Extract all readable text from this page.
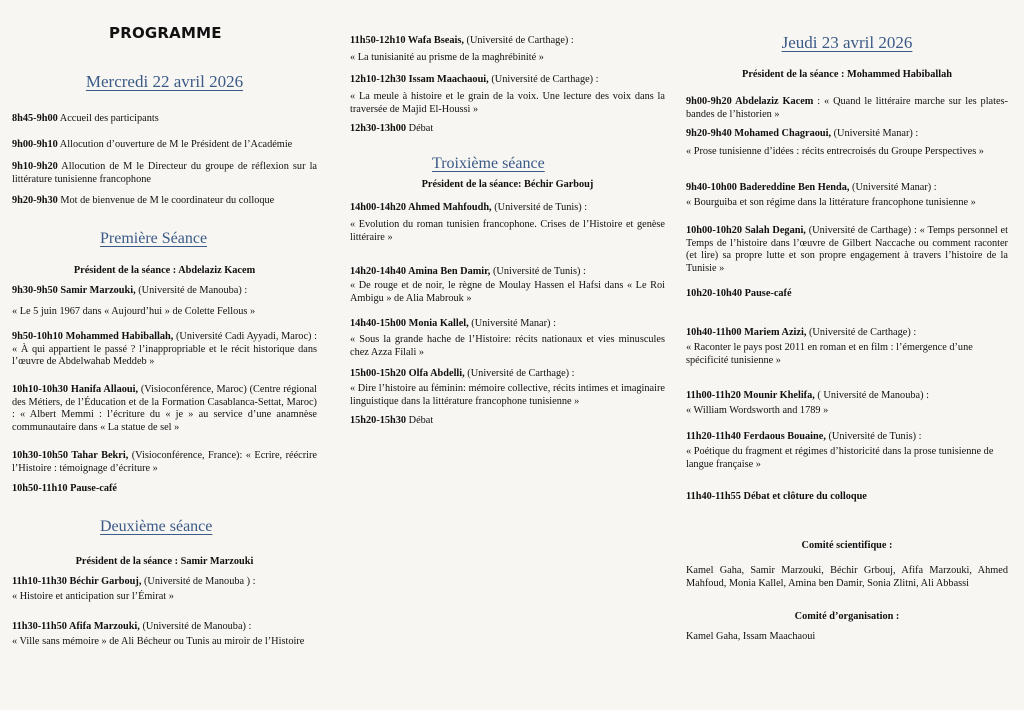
PROGRAMME
Mercredi 22 avril 2026
8h45-9h00 Accueil des participants
9h00-9h10 Allocution d’ouverture de M le Président de l’Académie
9h10-9h20 Allocution de M le Directeur du groupe de réflexion sur la littérature tunisienne francophone
9h20-9h30 Mot de bienvenue de M le coordinateur du colloque
Première Séance
Président de la séance : Abdelaziz Kacem
9h30-9h50 Samir Marzouki, (Université de Manouba) :
« Le 5 juin 1967 dans « Aujourd’hui » de Colette Fellous »
9h50-10h10 Mohammed Habiballah, (Université Cadi Ayyadi, Maroc) : « À qui appartient le passé ? l’inappropriable et le récit historique dans l’œuvre de Abdelwahab Meddeb »
10h10-10h30 Hanifa Allaoui, (Visioconférence, Maroc) (Centre régional des Métiers, de l’Éducation et de la Formation Casablanca-Settat, Maroc) : « Albert Memmi : l’écriture du « je » au service d’une anamnèse communautaire dans « La statue de sel »
10h30-10h50 Tahar Bekri, (Visioconférence, France): « Ecrire, réécrire l’Histoire : témoignage d’écriture »
10h50-11h10 Pause-café
Deuxième séance
Président de la séance : Samir Marzouki
11h10-11h30 Béchir Garbouj, (Université de Manouba ) :
« Histoire et anticipation sur l’Émirat »
11h30-11h50 Afifa Marzouki, (Université de Manouba) :
« Ville sans mémoire » de Ali Bécheur ou Tunis au miroir de l’Histoire
11h50-12h10 Wafa Bseais, (Université de Carthage) :
« La tunisianité au prisme de la maghrébinité »
12h10-12h30 Issam Maachaoui, (Université de Carthage) :
« La meule à histoire et le grain de la voix. Une lecture des voix dans la traversée de Majid El-Houssi »
12h30-13h00 Débat
Troixième séance
Président de la séance: Béchir Garbouj
14h00-14h20 Ahmed Mahfoudh, (Université de Tunis) :
« Evolution du roman tunisien francophone. Crises de l’Histoire et genèse littéraire »
14h20-14h40 Amina Ben Damir, (Université de Tunis) :
« De rouge et de noir, le règne de Moulay Hassen el Hafsi dans « Le Roi Ambigu » de Alia Mabrouk »
14h40-15h00 Monia Kallel, (Université Manar) :
« Sous la grande hache de l’Histoire: récits nationaux et vies minuscules chez Azza Filali »
15h00-15h20 Olfa Abdelli, (Université de Carthage) :
« Dire l’histoire au féminin: mémoire collective, récits intimes et imaginaire linguistique dans la littérature francophone tunisienne »
15h20-15h30 Débat
Jeudi 23 avril 2026
Président de la séance : Mohammed Habiballah
9h00-9h20 Abdelaziz Kacem : « Quand le littéraire marche sur les plates-bandes de l’historien »
9h20-9h40 Mohamed Chagraoui, (Université Manar) :
« Prose tunisienne d’idées : récits entrecroisés du Groupe Perspectives »
9h40-10h00 Badereddine Ben Henda, (Université Manar) :
« Bourguiba et son régime dans la littérature francophone tunisienne »
10h00-10h20 Salah Degani, (Université de Carthage) : « Temps personnel et Temps de l’histoire dans l’œuvre de Gilbert Naccache ou comment raconter (et lire) sa propre lutte et son propre engagement à travers l’histoire de la Tunisie »
10h20-10h40 Pause-café
10h40-11h00 Mariem Azizi, (Université de Carthage) :
« Raconter le pays post 2011 en roman et en film : l’émergence d’une spécificité tunisienne »
11h00-11h20 Mounir Khelifa, ( Université de Manouba) :
« William Wordsworth and 1789 »
11h20-11h40 Ferdaous Bouaine, (Université de Tunis) :
« Poétique du fragment et régimes d’historicité dans la prose tunisienne de langue française »
11h40-11h55 Débat et clôture du colloque
Comité scientifique :
Kamel Gaha, Samir Marzouki, Béchir Grbouj, Afifa Marzouki, Ahmed Mahfoud, Monia Kallel, Amina ben Damir, Sonia Zlitni, Ali Abbassi
Comité d’organisation :
Kamel Gaha, Issam Maachaoui
